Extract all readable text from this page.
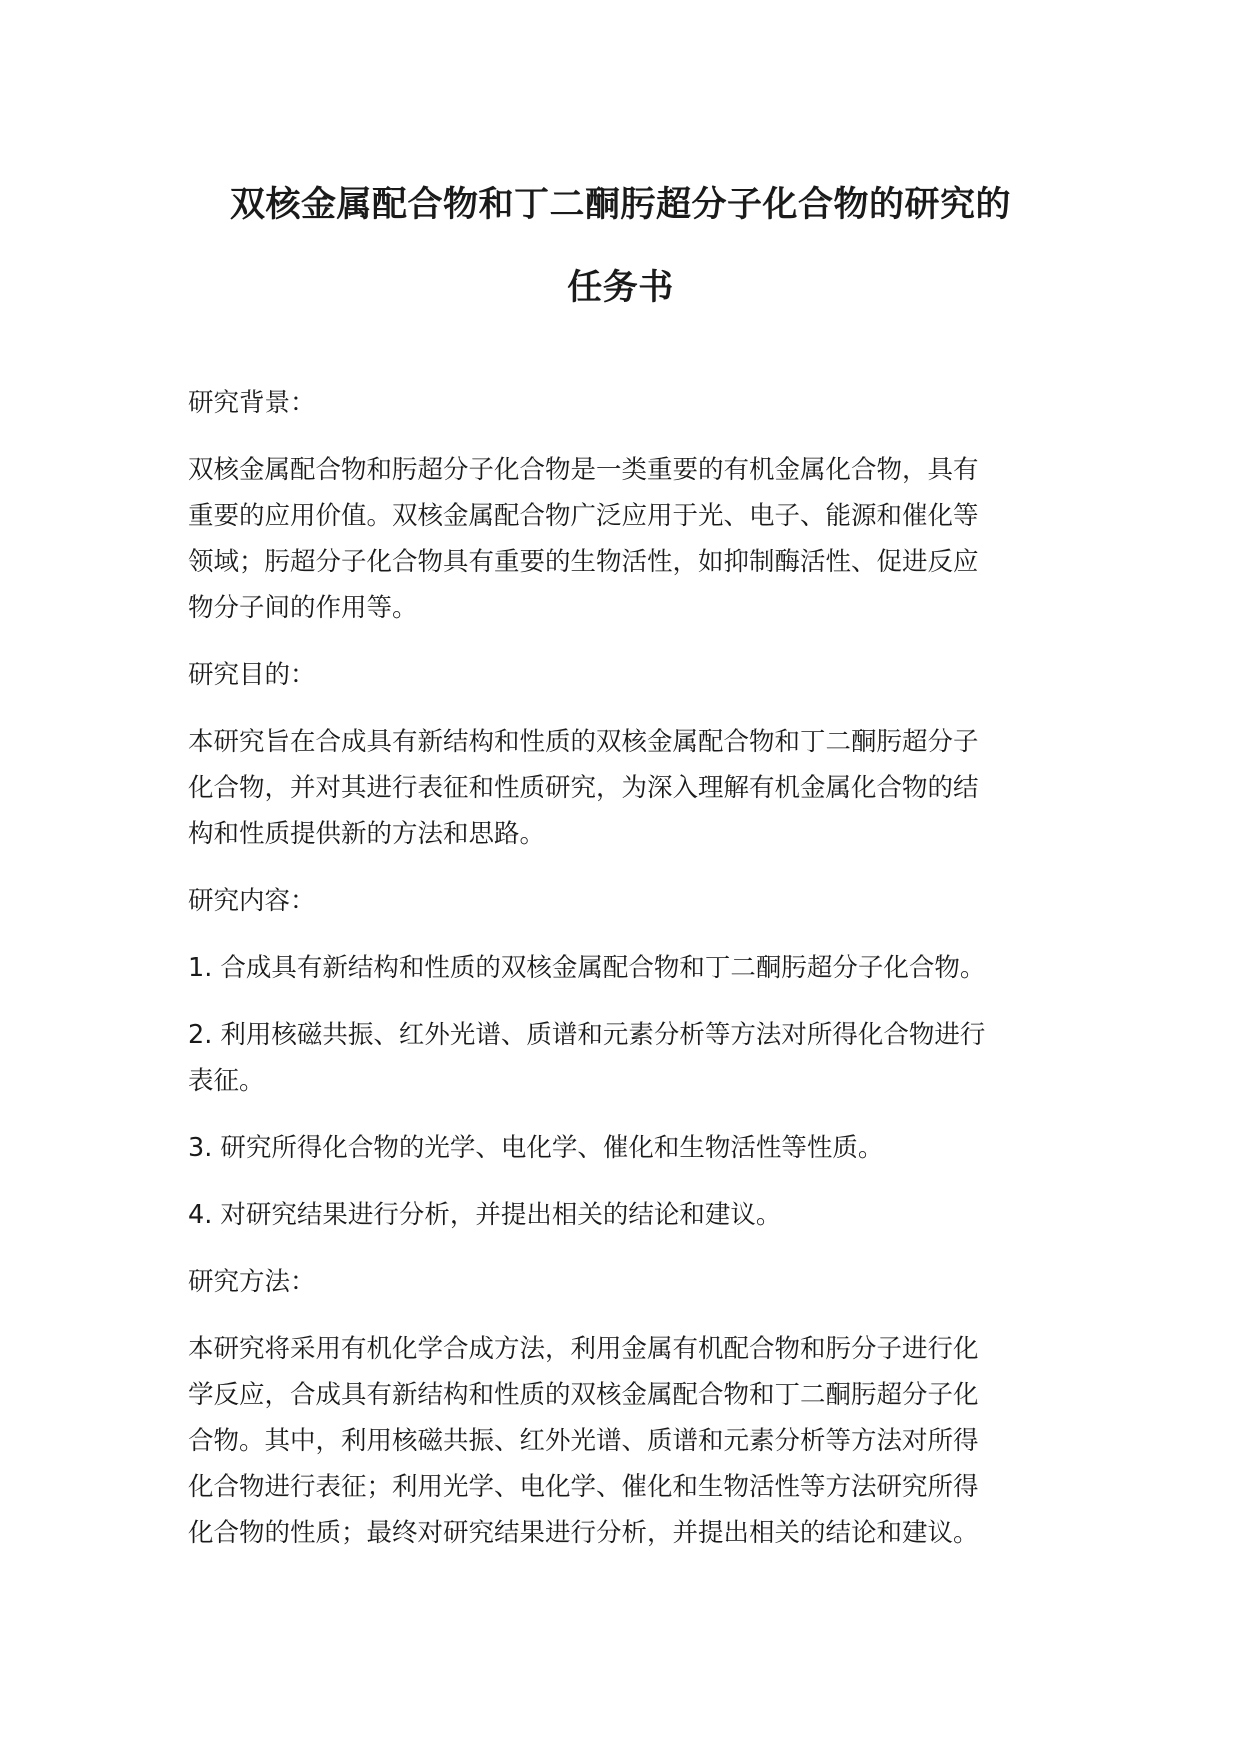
双核金属配合物和丁二酮肟超分子化合物的研究的
任务书

研究背景：

双核金属配合物和肟超分子化合物是一类重要的有机金属化合物，具有
重要的应用价值。双核金属配合物广泛应用于光、电子、能源和催化等
领域；肟超分子化合物具有重要的生物活性，如抑制酶活性、促进反应
物分子间的作用等。

研究目的：

本研究旨在合成具有新结构和性质的双核金属配合物和丁二酮肟超分子
化合物，并对其进行表征和性质研究，为深入理解有机金属化合物的结
构和性质提供新的方法和思路。

研究内容：

1. 合成具有新结构和性质的双核金属配合物和丁二酮肟超分子化合物。

2. 利用核磁共振、红外光谱、质谱和元素分析等方法对所得化合物进行
表征。

3. 研究所得化合物的光学、电化学、催化和生物活性等性质。

4. 对研究结果进行分析，并提出相关的结论和建议。

研究方法：

本研究将采用有机化学合成方法，利用金属有机配合物和肟分子进行化
学反应，合成具有新结构和性质的双核金属配合物和丁二酮肟超分子化
合物。其中，利用核磁共振、红外光谱、质谱和元素分析等方法对所得
化合物进行表征；利用光学、电化学、催化和生物活性等方法研究所得
化合物的性质；最终对研究结果进行分析，并提出相关的结论和建议。
